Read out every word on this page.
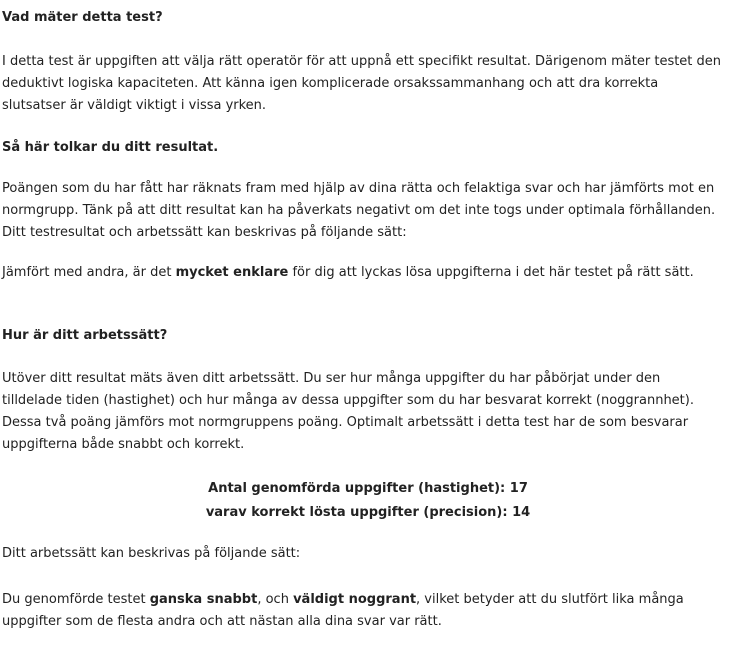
Vad mäter detta test?

I detta test är uppgiften att välja rätt operatör för att uppnå ett specifikt resultat. Därigenom mäter testet den deduktivt logiska kapaciteten. Att känna igen komplicerade orsakssammanhang och att dra korrekta slutsatser är väldigt viktigt i vissa yrken.

Så här tolkar du ditt resultat.

Poängen som du har fått har räknats fram med hjälp av dina rätta och felaktiga svar och har jämförts mot en normgrupp. Tänk på att ditt resultat kan ha påverkats negativt om det inte togs under optimala förhållanden. Ditt testresultat och arbetssätt kan beskrivas på följande sätt:

Jämfört med andra, är det mycket enklare för dig att lyckas lösa uppgifterna i det här testet på rätt sätt.

Hur är ditt arbetssätt?

Utöver ditt resultat mäts även ditt arbetssätt. Du ser hur många uppgifter du har påbörjat under den tilldelade tiden (hastighet) och hur många av dessa uppgifter som du har besvarat korrekt (noggrannhet). Dessa två poäng jämförs mot normgruppens poäng. Optimalt arbetssätt i detta test har de som besvarar uppgifterna både snabbt och korrekt.

Antal genomförda uppgifter (hastighet): 17
varav korrekt lösta uppgifter (precision): 14

Ditt arbetssätt kan beskrivas på följande sätt:

Du genomförde testet ganska snabbt, och väldigt noggrant, vilket betyder att du slutfört lika många uppgifter som de flesta andra och att nästan alla dina svar var rätt.
